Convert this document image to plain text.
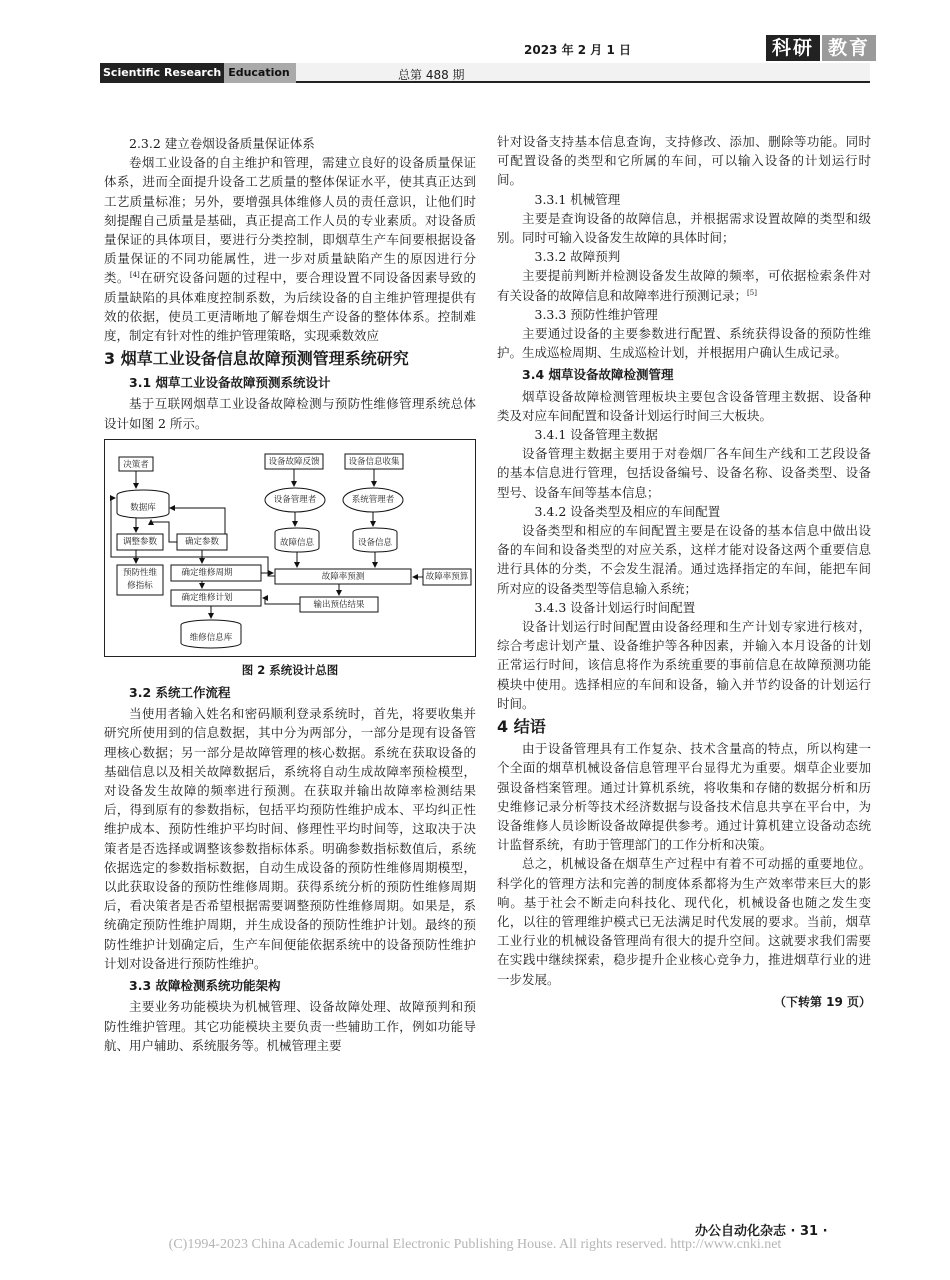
2023 年 2 月 1 日	科研 教育
Scientific Research Education	总第 488 期
2.3.2 建立卷烟设备质量保证体系

卷烟工业设备的自主维护和管理，需建立良好的设备质量保证体系，进而全面提升设备工艺质量的整体保证水平，使其真正达到工艺质量标准；另外，要增强具体维修人员的责任意识，让他们时刻提醒自己质量是基础，真正提高工作人员的专业素质。对设备质量保证的具体项目，要进行分类控制，即烟草生产车间要根据设备质量保证的不同功能属性，进一步对质量缺陷产生的原因进行分类。[4]在研究设备问题的过程中，要合理设置不同设备因素导致的质量缺陷的具体难度控制系数，为后续设备的自主维护管理提供有效的依据，使员工更清晰地了解卷烟生产设备的整体体系。控制难度，制定有针对性的维护管理策略，实现乘数效应

3 烟草工业设备信息故障预测管理系统研究
3.1 烟草工业设备故障预测系统设计

基于互联网烟草工业设备故障检测与预防性维修管理系统总体设计如图 2 所示。

决策者
数据库
调整参数
预防性维
修指标
确定参数
确定维修周期
确定维修计划
维修信息库
设备故障反馈	设备信息收集
设备管理者	系统管理者
故障信息	设备信息
故障率预测	故障率预算
输出预估结果
图 2 系统设计总图
3.2 系统工作流程

当使用者输入姓名和密码顺利登录系统时，首先，将要收集并研究所使用到的信息数据，其中分为两部分，一部分是现有设备管理核心数据；另一部分是故障管理的核心数据。系统在获取设备的基础信息以及相关故障数据后，系统将自动生成故障率预检模型，对设备发生故障的频率进行预测。在获取并输出故障率检测结果后，得到原有的参数指标，包括平均预防性维护成本、平均纠正性维护成本、预防性维护平均时间、修理性平均时间等，这取决于决策者是否选择或调整该参数指标体系。明确参数指标数值后，系统依据选定的参数指标数据，自动生成设备的预防性维修周期模型，以此获取设备的预防性维修周期。获得系统分析的预防性维修周期后，看决策者是否希望根据需要调整预防性维修周期。如果是，系统确定预防性维护周期，并生成设备的预防性维护计划。最终的预防性维护计划确定后，生产车间便能依据系统中的设备预防性维护计划对设备进行预防性维护。

3.3 故障检测系统功能架构

主要业务功能模块为机械管理、设备故障处理、故障预判和预防性维护管理。其它功能模块主要负责一些辅助工作，例如功能导航、用户辅助、系统服务等。机械管理主要

针对设备支持基本信息查询，支持修改、添加、删除等功能。同时可配置设备的类型和它所属的车间，可以输入设备的计划运行时间。

3.3.1 机械管理

主要是查询设备的故障信息，并根据需求设置故障的类型和级别。同时可输入设备发生故障的具体时间；

3.3.2 故障预判

主要提前判断并检测设备发生故障的频率，可依据检索条件对有关设备的故障信息和故障率进行预测记录；[5]

3.3.3 预防性维护管理

主要通过设备的主要参数进行配置、系统获得设备的预防性维护。生成巡检周期、生成巡检计划，并根据用户确认生成记录。

3.4 烟草设备故障检测管理

烟草设备故障检测管理板块主要包含设备管理主数据、设备种类及对应车间配置和设备计划运行时间三大板块。

3.4.1 设备管理主数据

设备管理主数据主要用于对卷烟厂各车间生产线和工艺段设备的基本信息进行管理，包括设备编号、设备名称、设备类型、设备型号、设备车间等基本信息；

3.4.2 设备类型及相应的车间配置

设备类型和相应的车间配置主要是在设备的基本信息中做出设备的车间和设备类型的对应关系，这样才能对设备这两个重要信息进行具体的分类，不会发生混淆。通过选择指定的车间，能把车间所对应的设备类型等信息输入系统；

3.4.3 设备计划运行时间配置

设备计划运行时间配置由设备经理和生产计划专家进行核对，综合考虑计划产量、设备维护等各种因素，并输入本月设备的计划正常运行时间，该信息将作为系统重要的事前信息在故障预测功能模块中使用。选择相应的车间和设备，输入并节约设备的计划运行时间。

4 结语

由于设备管理具有工作复杂、技术含量高的特点，所以构建一个全面的烟草机械设备信息管理平台显得尤为重要。烟草企业要加强设备档案管理。通过计算机系统，将收集和存储的数据分析和历史维修记录分析等技术经济数据与设备技术信息共享在平台中，为设备维修人员诊断设备故障提供参考。通过计算机建立设备动态统计监督系统，有助于管理部门的工作分析和决策。

总之，机械设备在烟草生产过程中有着不可动摇的重要地位。科学化的管理方法和完善的制度体系都将为生产效率带来巨大的影响。基于社会不断走向科技化、现代化，机械设备也随之发生变化，以往的管理维护模式已无法满足时代发展的要求。当前，烟草工业行业的机械设备管理尚有很大的提升空间。这就要求我们需要在实践中继续探索，稳步提升企业核心竞争力，推进烟草行业的进一步发展。

（下转第 19 页）
办公自动化杂志 · 31 ·
(C)1994-2023 China Academic Journal Electronic Publishing House. All rights reserved. http://www.cnki.net
